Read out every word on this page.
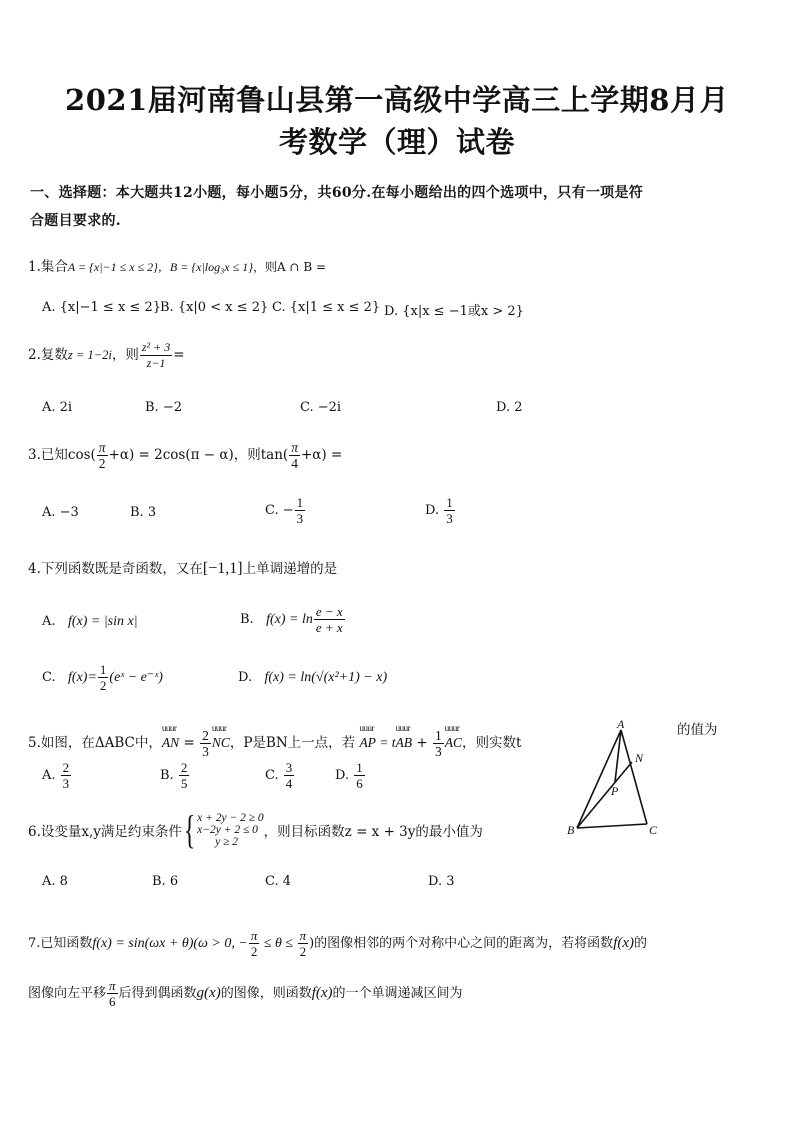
2021届河南鲁山县第一高级中学高三上学期8月月
考数学（理）试卷
一、选择题：本大题共12小题，每小题5分，共60分.在每小题给出的四个选项中，只有一项是符
合题目要求的.
1.集合A = {x|−1 ≤ x ≤ 2}，B = {x|log₃x ≤ 1}，则A ∩ B =
A. {x|−1 ≤ x ≤ 2} B. {x|0 < x ≤ 2} C. {x|1 ≤ x ≤ 2} D. {x|x ≤ −1或x > 2}
2.复数z = 1−2i，则 $\frac{\text{z² + 3}}{z-1}$ =
A. 2i	B. −2	C. −2i	D. 2
3.已知$\cos( \frac{\pi}{2} +\alpha) = 2\cos(\pi - \alpha)$，则$\tan( \frac{\pi}{4} +\alpha)$ =
A. −3	B. 3	C. − $\frac{1}{3}$	D. $\frac{1}{3}$
4.下列函数既是奇函数，又在[−1,1]上单调递增的是
A. f(x) = |sin x|	B. $f(x) = \ln \frac{e - x}{e + x}$
C. $f(x)= \frac{1}{2}$ (eˣ − e⁻ˣ)	D. f(x) = ln(√(x²+1) − x)
5.如图，在ΔABC中，uuur AN = $\frac{2}{3}$ uuur NC，P是BN上一点，若 uuur AP = tuuur AB + $\frac{1}{3}$ uuur AC，则实数t
的值为
A. $\frac{2}{3}$	B. $\frac{2}{5}$	C. $\frac{3}{4}$	D. $\frac{1}{6}$
A
B	C
N
P
6.设变量x,y满足约束条件{ x + 2y − 2 ≥ 0
x−2y + 2 ≤ 0
y ≥ 2
，则目标函数z = x + 3y的最小值为
A. 8	B. 6	C. 4	D. 3
7.已知函数f(x) = sin(ωx + θ)(ω > 0, − $\frac{\pi}{2} \le \theta \le \frac{\pi}{2}$ )的图像相邻的两个对称中心之间的距离为，若将函数f(x)的
图像向左平移 $\frac{\pi}{6}$ 后得到偶函数g(x)的图像，则函数f(x)的一个单调递减区间为
